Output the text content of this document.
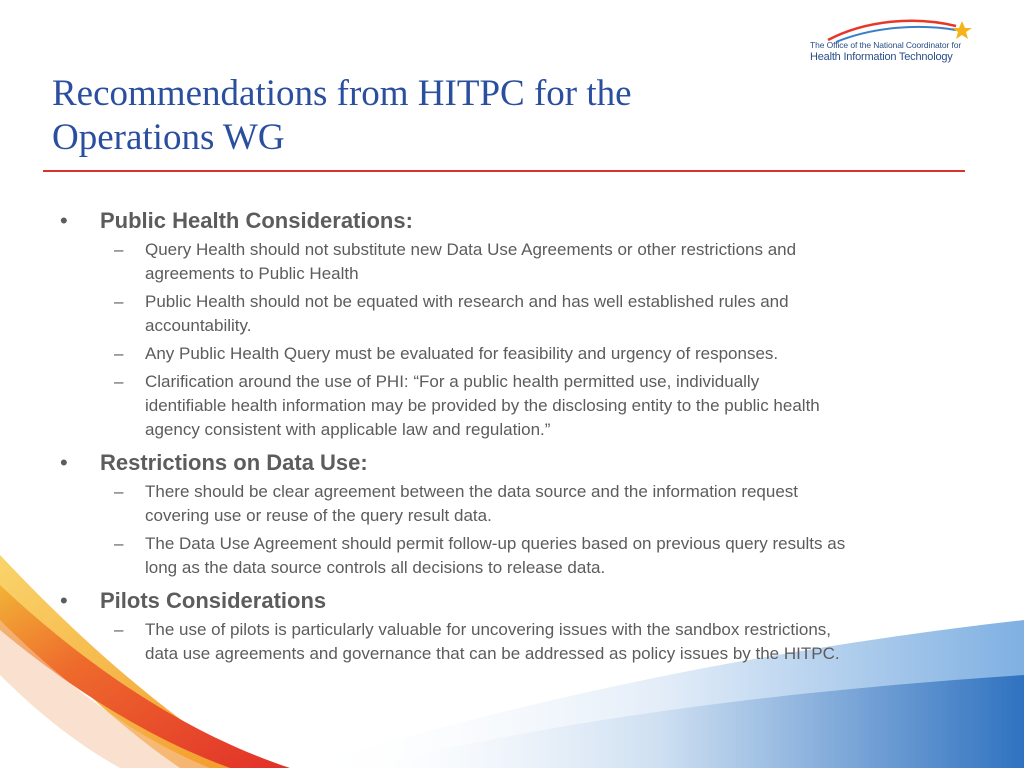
The Office of the National Coordinator for
Health Information Technology
Recommendations from HITPC for the
Operations WG
• Public Health Considerations:
– Query Health should not substitute new Data Use Agreements or other restrictions and
agreements to Public Health
– Public Health should not be equated with research and has well established rules and
accountability.
– Any Public Health Query must be evaluated for feasibility and urgency of responses.
– Clarification around the use of PHI: “For a public health permitted use, individually
identifiable health information may be provided by the disclosing entity to the public health
agency consistent with applicable law and regulation.”
• Restrictions on Data Use:
– There should be clear agreement between the data source and the information request
covering use or reuse of the query result data.
– The Data Use Agreement should permit follow-up queries based on previous query results as
long as the data source controls all decisions to release data.
• Pilots Considerations
– The use of pilots is particularly valuable for uncovering issues with the sandbox restrictions,
data use agreements and governance that can be addressed as policy issues by the HITPC.
